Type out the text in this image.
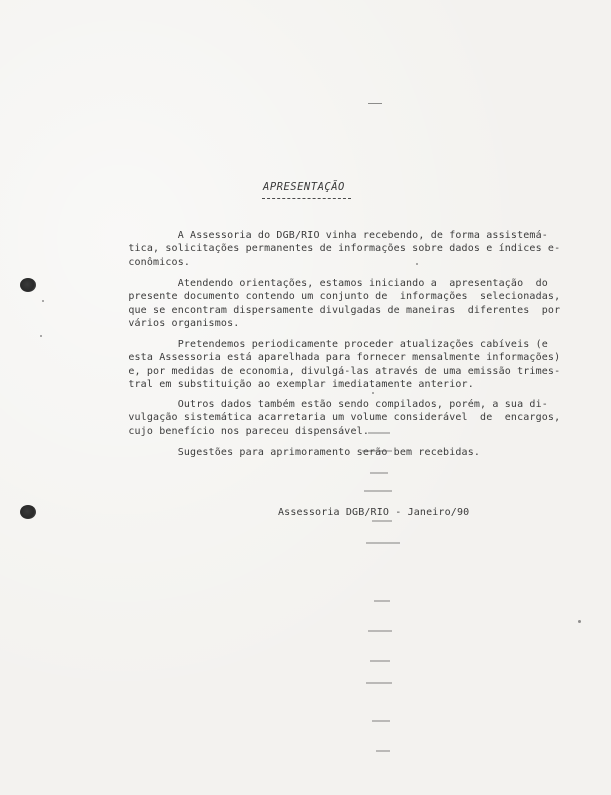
APRESENTAÇÃO
A Assessoria do DGB/RIO vinha recebendo, de forma assistemá-
tica, solicitações permanentes de informações sobre dados e índices e-
conômicos.
Atendendo orientações, estamos iniciando a  apresentação  do
presente documento contendo um conjunto de  informações  selecionadas,
que se encontram dispersamente divulgadas de maneiras  diferentes  por
vários organismos.
Pretendemos periodicamente proceder atualizações cabíveis (e
esta Assessoria está aparelhada para fornecer mensalmente informações)
e, por medidas de economia, divulgá-las através de uma emissão trimes-
tral em substituição ao exemplar imediatamente anterior.
Outros dados também estão sendo compilados, porém, a sua di-
vulgação sistemática acarretaria um volume considerável  de  encargos,
cujo benefício nos pareceu dispensável.
Sugestões para aprimoramento serão bem recebidas.
Assessoria DGB/RIO - Janeiro/90
